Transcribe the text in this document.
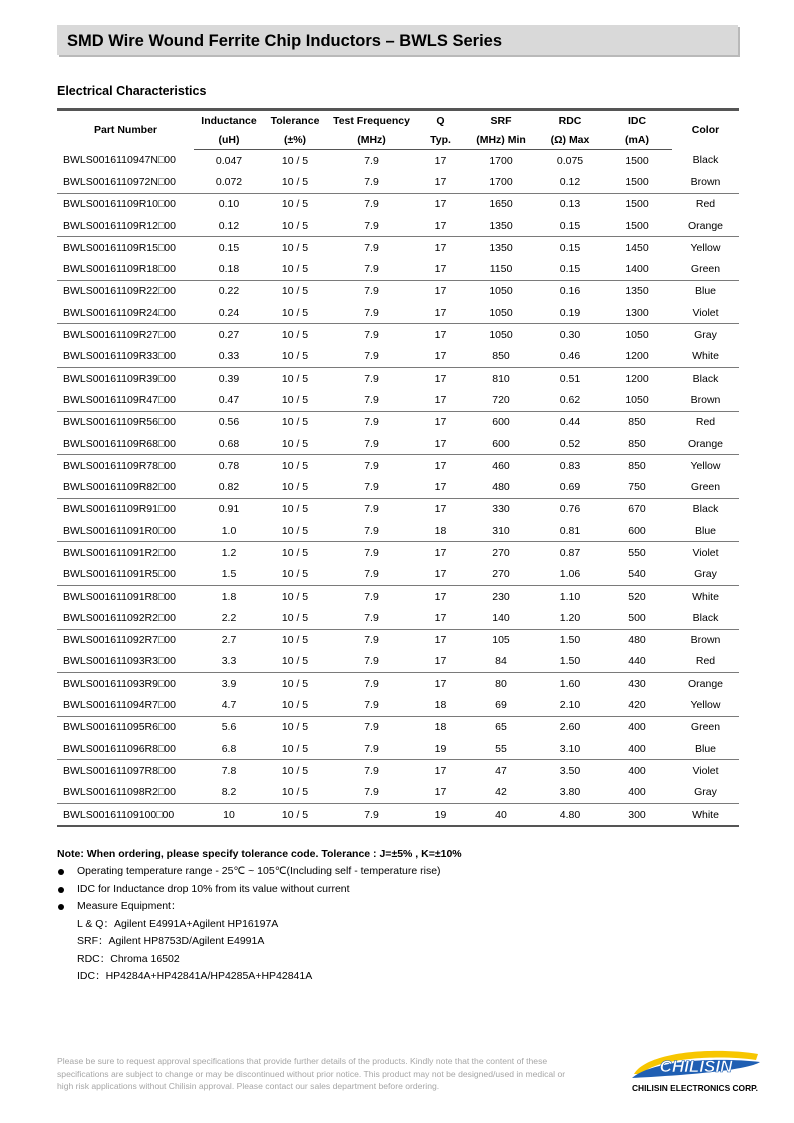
SMD Wire Wound Ferrite Chip Inductors – BWLS Series
Electrical Characteristics
Part Number	Inductance	Tolerance	Test Frequency	Q	SRF	RDC	IDC	Color
	(uH)	(±%)	(MHz)	Typ.	(MHz) Min	(Ω) Max	(mA)	
BWLS0016110947N□00	0.047	10 / 5	7.9	17	1700	0.075	1500	Black
BWLS0016110972N□00	0.072	10 / 5	7.9	17	1700	0.12	1500	Brown
BWLS00161109R10□00	0.10	10 / 5	7.9	17	1650	0.13	1500	Red
BWLS00161109R12□00	0.12	10 / 5	7.9	17	1350	0.15	1500	Orange
BWLS00161109R15□00	0.15	10 / 5	7.9	17	1350	0.15	1450	Yellow
BWLS00161109R18□00	0.18	10 / 5	7.9	17	1150	0.15	1400	Green
BWLS00161109R22□00	0.22	10 / 5	7.9	17	1050	0.16	1350	Blue
BWLS00161109R24□00	0.24	10 / 5	7.9	17	1050	0.19	1300	Violet
BWLS00161109R27□00	0.27	10 / 5	7.9	17	1050	0.30	1050	Gray
BWLS00161109R33□00	0.33	10 / 5	7.9	17	850	0.46	1200	White
BWLS00161109R39□00	0.39	10 / 5	7.9	17	810	0.51	1200	Black
BWLS00161109R47□00	0.47	10 / 5	7.9	17	720	0.62	1050	Brown
BWLS00161109R56□00	0.56	10 / 5	7.9	17	600	0.44	850	Red
BWLS00161109R68□00	0.68	10 / 5	7.9	17	600	0.52	850	Orange
BWLS00161109R78□00	0.78	10 / 5	7.9	17	460	0.83	850	Yellow
BWLS00161109R82□00	0.82	10 / 5	7.9	17	480	0.69	750	Green
BWLS00161109R91□00	0.91	10 / 5	7.9	17	330	0.76	670	Black
BWLS001611091R0□00	1.0	10 / 5	7.9	18	310	0.81	600	Blue
BWLS001611091R2□00	1.2	10 / 5	7.9	17	270	0.87	550	Violet
BWLS001611091R5□00	1.5	10 / 5	7.9	17	270	1.06	540	Gray
BWLS001611091R8□00	1.8	10 / 5	7.9	17	230	1.10	520	White
BWLS001611092R2□00	2.2	10 / 5	7.9	17	140	1.20	500	Black
BWLS001611092R7□00	2.7	10 / 5	7.9	17	105	1.50	480	Brown
BWLS001611093R3□00	3.3	10 / 5	7.9	17	84	1.50	440	Red
BWLS001611093R9□00	3.9	10 / 5	7.9	17	80	1.60	430	Orange
BWLS001611094R7□00	4.7	10 / 5	7.9	18	69	2.10	420	Yellow
BWLS001611095R6□00	5.6	10 / 5	7.9	18	65	2.60	400	Green
BWLS001611096R8□00	6.8	10 / 5	7.9	19	55	3.10	400	Blue
BWLS001611097R8□00	7.8	10 / 5	7.9	17	47	3.50	400	Violet
BWLS001611098R2□00	8.2	10 / 5	7.9	17	42	3.80	400	Gray
BWLS00161109100□00	10	10 / 5	7.9	19	40	4.80	300	White
Note: When ordering, please specify tolerance code. Tolerance : J=±5% , K=±10%
Operating temperature range - 25℃ ~ 105℃(Including self - temperature rise)
IDC for Inductance drop 10% from its value without current
Measure Equipment：
L & Q：Agilent E4991A+Agilent HP16197A
SRF：Agilent HP8753D/Agilent E4991A
RDC：Chroma 16502
IDC：HP4284A+HP42841A/HP4285A+HP42841A
Please be sure to request approval specifications that provide further details of the products. Kindly note that the content of these
specifications are subject to change or may be discontinued without prior notice. This product may not be designed/used in medical or
high risk applications without Chilisin approval. Please contact our sales department before ordering.
CHILISIN
CHILISIN ELECTRONICS CORP.
